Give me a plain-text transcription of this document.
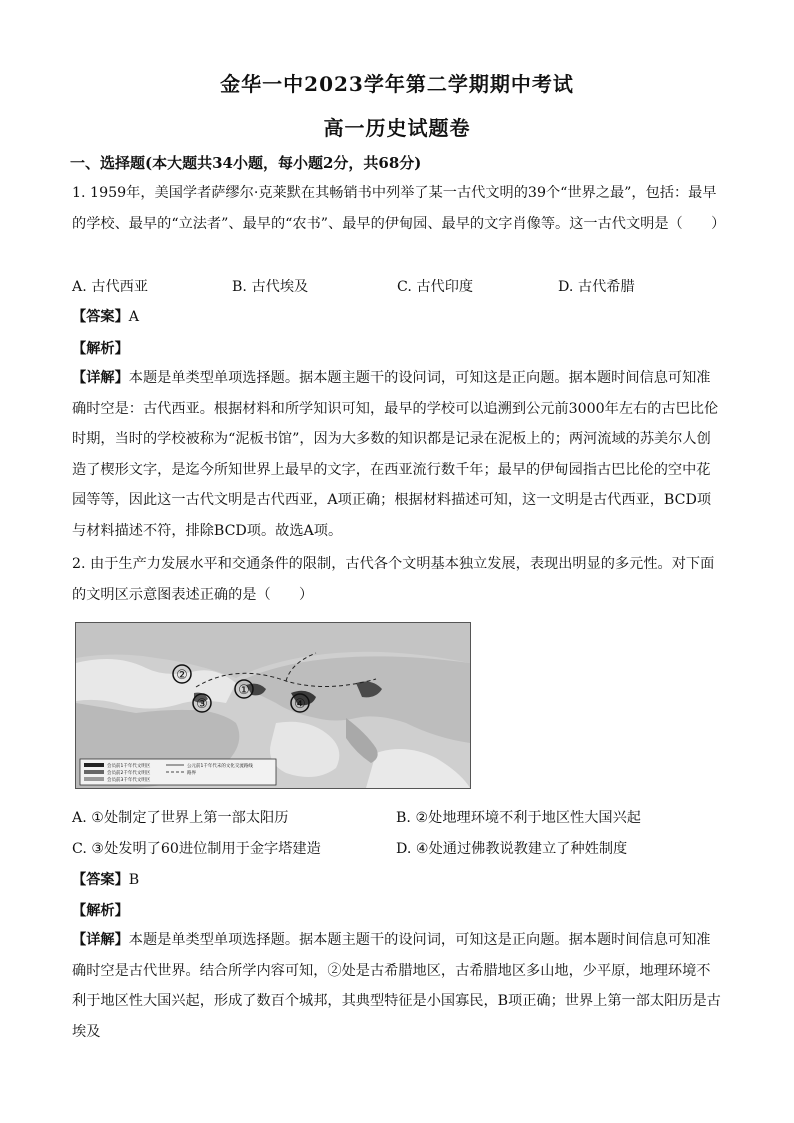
金华一中2023学年第二学期期中考试
高一历史试题卷
一、选择题(本大题共34小题，每小题2分，共68分)
1. 1959年，美国学者萨缪尔·克莱默在其畅销书中列举了某一古代文明的39个“世界之最”，包括：最早的学校、最早的“立法者”、最早的“农书”、最早的伊甸园、最早的文字肖像等。这一古代文明是（　　）
A. 古代西亚	B. 古代埃及	C. 古代印度	D. 古代希腊
【答案】A
【解析】
【详解】本题是单类型单项选择题。据本题主题干的设问词，可知这是正向题。据本题时间信息可知准确时空是：古代西亚。根据材料和所学知识可知，最早的学校可以追溯到公元前3000年左右的古巴比伦时期，当时的学校被称为“泥板书馆”，因为大多数的知识都是记录在泥板上的；两河流域的苏美尔人创造了楔形文字，是迄今所知世界上最早的文字，在西亚流行数千年；最早的伊甸园指古巴比伦的空中花园等等，因此这一古代文明是古代西亚，A项正确；根据材料描述可知，这一文明是古代西亚，BCD项与材料描述不符，排除BCD项。故选A项。
2. 由于生产力发展水平和交通条件的限制，古代各个文明基本独立发展，表现出明显的多元性。对下面的文明区示意图表述正确的是（　　）
①
②
③	④
会员前1千年代文明区
会员前2千年代文明区
会员前3千年代文明区
路界
公元前1千年代末的文化交流路线
A. ①处制定了世界上第一部太阳历	B. ②处地理环境不利于地区性大国兴起
C. ③处发明了60进位制用于金字塔建造	D. ④处通过佛教说教建立了种姓制度
【答案】B
【解析】
【详解】本题是单类型单项选择题。据本题主题干的设问词，可知这是正向题。据本题时间信息可知准确时空是古代世界。结合所学内容可知，②处是古希腊地区，古希腊地区多山地，少平原，地理环境不利于地区性大国兴起，形成了数百个城邦，其典型特征是小国寡民，B项正确；世界上第一部太阳历是古埃及
